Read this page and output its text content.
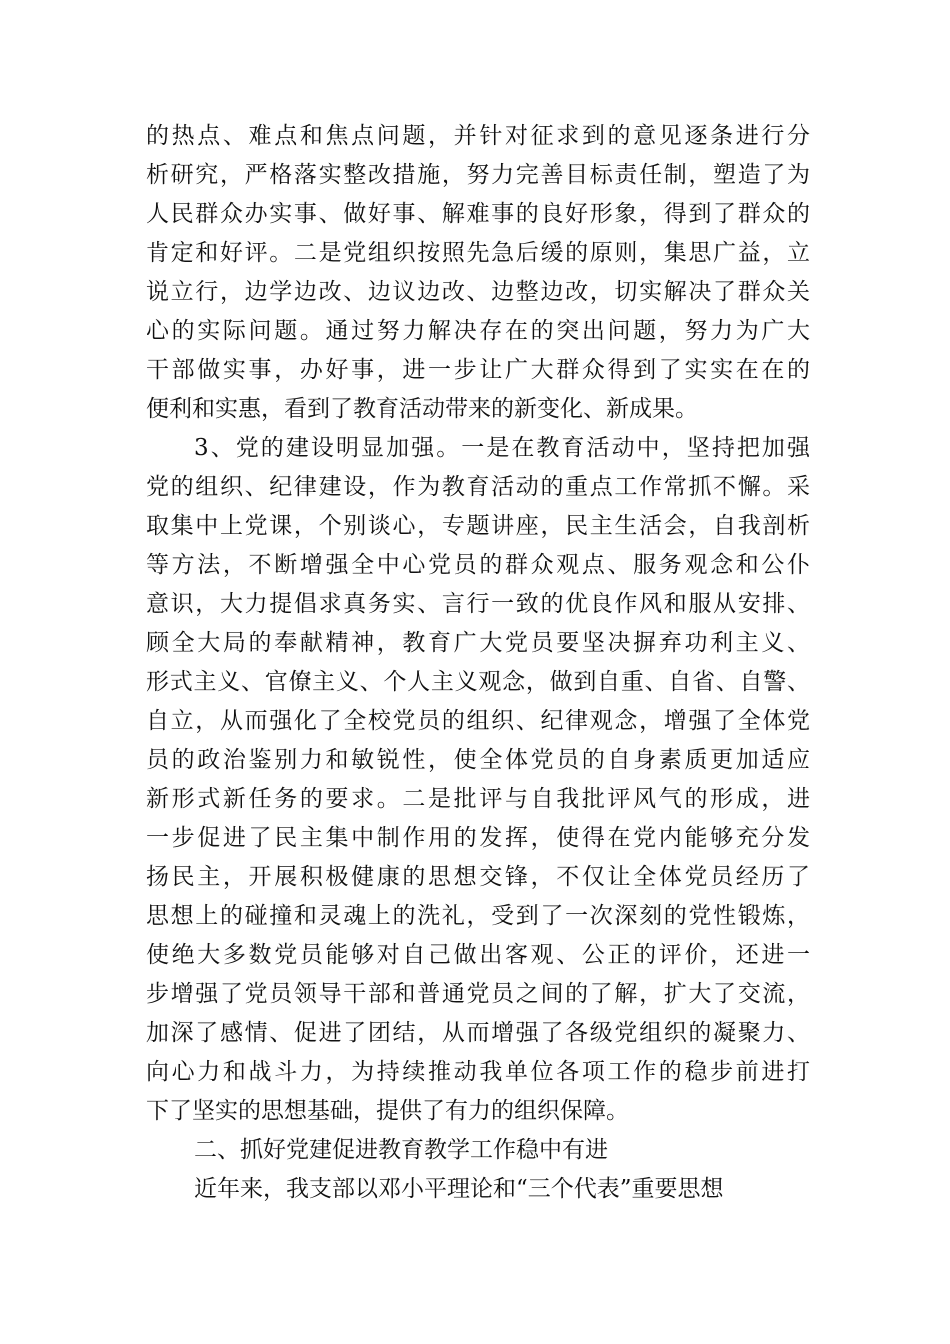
的热点、难点和焦点问题，并针对征求到的意见逐条进行分
析研究，严格落实整改措施，努力完善目标责任制，塑造了为
人民群众办实事、做好事、解难事的良好形象，得到了群众的
肯定和好评。二是党组织按照先急后缓的原则，集思广益，立
说立行，边学边改、边议边改、边整边改，切实解决了群众关
心的实际问题。通过努力解决存在的突出问题，努力为广大
干部做实事，办好事，进一步让广大群众得到了实实在在的
便利和实惠，看到了教育活动带来的新变化、新成果。
3、党的建设明显加强。一是在教育活动中，坚持把加强
党的组织、纪律建设，作为教育活动的重点工作常抓不懈。采
取集中上党课，个别谈心，专题讲座，民主生活会，自我剖析
等方法，不断增强全中心党员的群众观点、服务观念和公仆
意识，大力提倡求真务实、言行一致的优良作风和服从安排、
顾全大局的奉献精神，教育广大党员要坚决摒弃功利主义、
形式主义、官僚主义、个人主义观念，做到自重、自省、自警、
自立，从而强化了全校党员的组织、纪律观念，增强了全体党
员的政治鉴别力和敏锐性，使全体党员的自身素质更加适应
新形式新任务的要求。二是批评与自我批评风气的形成，进
一步促进了民主集中制作用的发挥，使得在党内能够充分发
扬民主，开展积极健康的思想交锋，不仅让全体党员经历了
思想上的碰撞和灵魂上的洗礼，受到了一次深刻的党性锻炼，
使绝大多数党员能够对自己做出客观、公正的评价，还进一
步增强了党员领导干部和普通党员之间的了解，扩大了交流，
加深了感情、促进了团结，从而增强了各级党组织的凝聚力、
向心力和战斗力，为持续推动我单位各项工作的稳步前进打
下了坚实的思想基础，提供了有力的组织保障。
二、抓好党建促进教育教学工作稳中有进
近年来，我支部以邓小平理论和“三个代表”重要思想
